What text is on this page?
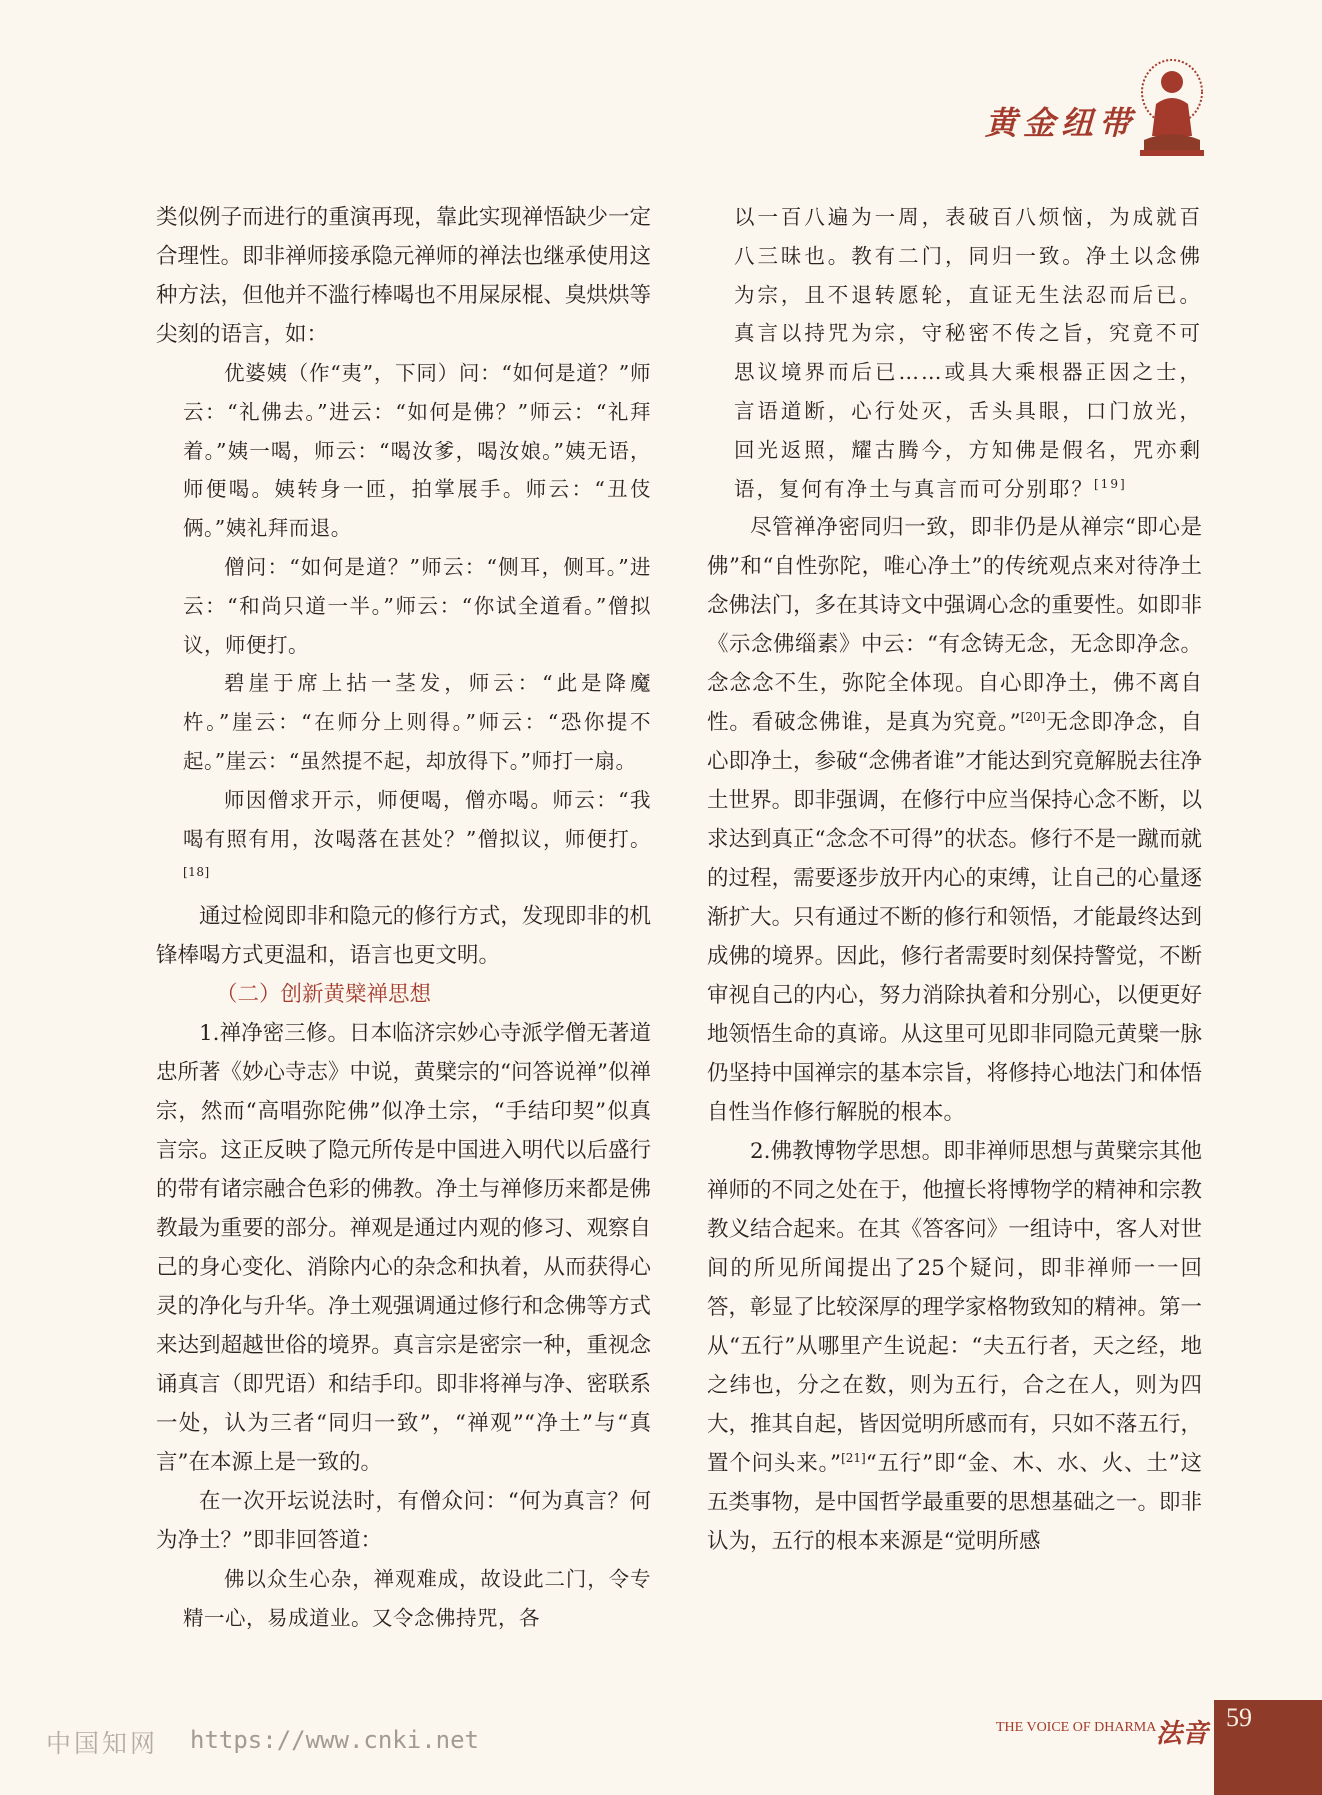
黄金纽带

类似例子而进行的重演再现，靠此实现禅悟缺少一定合理性。即非禅师接承隐元禅师的禅法也继承使用这种方法，但他并不滥行棒喝也不用屎尿棍、臭烘烘等尖刻的语言，如：

优婆姨（作“夷”，下同）问：“如何是道？”师云：“礼佛去。”进云：“如何是佛？”师云：“礼拜着。”姨一喝，师云：“喝汝爹，喝汝娘。”姨无语，师便喝。姨转身一匝，拍掌展手。师云：“丑伎俩。”姨礼拜而退。

僧问：“如何是道？”师云：“侧耳，侧耳。”进云：“和尚只道一半。”师云：“你试全道看。”僧拟议，师便打。

碧崖于席上拈一茎发，师云：“此是降魔杵。”崖云：“在师分上则得。”师云：“恐你提不起。”崖云：“虽然提不起，却放得下。”师打一扇。

师因僧求开示，师便喝，僧亦喝。师云：“我喝有照有用，汝喝落在甚处？”僧拟议，师便打。[18]

通过检阅即非和隐元的修行方式，发现即非的机锋棒喝方式更温和，语言也更文明。

（二）创新黄檗禅思想

1.禅净密三修。日本临济宗妙心寺派学僧无著道忠所著《妙心寺志》中说，黄檗宗的“问答说禅”似禅宗，然而“高唱弥陀佛”似净土宗，“手结印契”似真言宗。这正反映了隐元所传是中国进入明代以后盛行的带有诸宗融合色彩的佛教。净土与禅修历来都是佛教最为重要的部分。禅观是通过内观的修习、观察自己的身心变化、消除内心的杂念和执着，从而获得心灵的净化与升华。净土观强调通过修行和念佛等方式来达到超越世俗的境界。真言宗是密宗一种，重视念诵真言（即咒语）和结手印。即非将禅与净、密联系一处，认为三者“同归一致”，“禅观”“净土”与“真言”在本源上是一致的。

在一次开坛说法时，有僧众问：“何为真言？何为净土？”即非回答道：

佛以众生心杂，禅观难成，故设此二门，令专精一心，易成道业。又令念佛持咒，各

以一百八遍为一周，表破百八烦恼，为成就百八三昧也。教有二门，同归一致。净土以念佛为宗，且不退转愿轮，直证无生法忍而后已。真言以持咒为宗，守秘密不传之旨，究竟不可思议境界而后已……或具大乘根器正因之士，言语道断，心行处灭，舌头具眼，口门放光，回光返照，耀古腾今，方知佛是假名，咒亦剩语，复何有净土与真言而可分别耶？[19]

尽管禅净密同归一致，即非仍是从禅宗“即心是佛”和“自性弥陀，唯心净土”的传统观点来对待净土念佛法门，多在其诗文中强调心念的重要性。如即非《示念佛缁素》中云：“有念铸无念，无念即净念。念念念不生，弥陀全体现。自心即净土，佛不离自性。看破念佛谁，是真为究竟。”[20]无念即净念，自心即净土，参破“念佛者谁”才能达到究竟解脱去往净土世界。即非强调，在修行中应当保持心念不断，以求达到真正“念念不可得”的状态。修行不是一蹴而就的过程，需要逐步放开内心的束缚，让自己的心量逐渐扩大。只有通过不断的修行和领悟，才能最终达到成佛的境界。因此，修行者需要时刻保持警觉，不断审视自己的内心，努力消除执着和分别心，以便更好地领悟生命的真谛。从这里可见即非同隐元黄檗一脉仍坚持中国禅宗的基本宗旨，将修持心地法门和体悟自性当作修行解脱的根本。

2.佛教博物学思想。即非禅师思想与黄檗宗其他禅师的不同之处在于，他擅长将博物学的精神和宗教教义结合起来。在其《答客问》一组诗中，客人对世间的所见所闻提出了25个疑问，即非禅师一一回答，彰显了比较深厚的理学家格物致知的精神。第一从“五行”从哪里产生说起：“夫五行者，天之经，地之纬也，分之在数，则为五行，合之在人，则为四大，推其自起，皆因觉明所感而有，只如不落五行，置个问头来。”[21]“五行”即“金、木、水、火、土”这五类事物，是中国哲学最重要的思想基础之一。即非认为，五行的根本来源是“觉明所感

中国知网 https://www.cnki.net	THE VOICE OF DHARMA 法音
59
